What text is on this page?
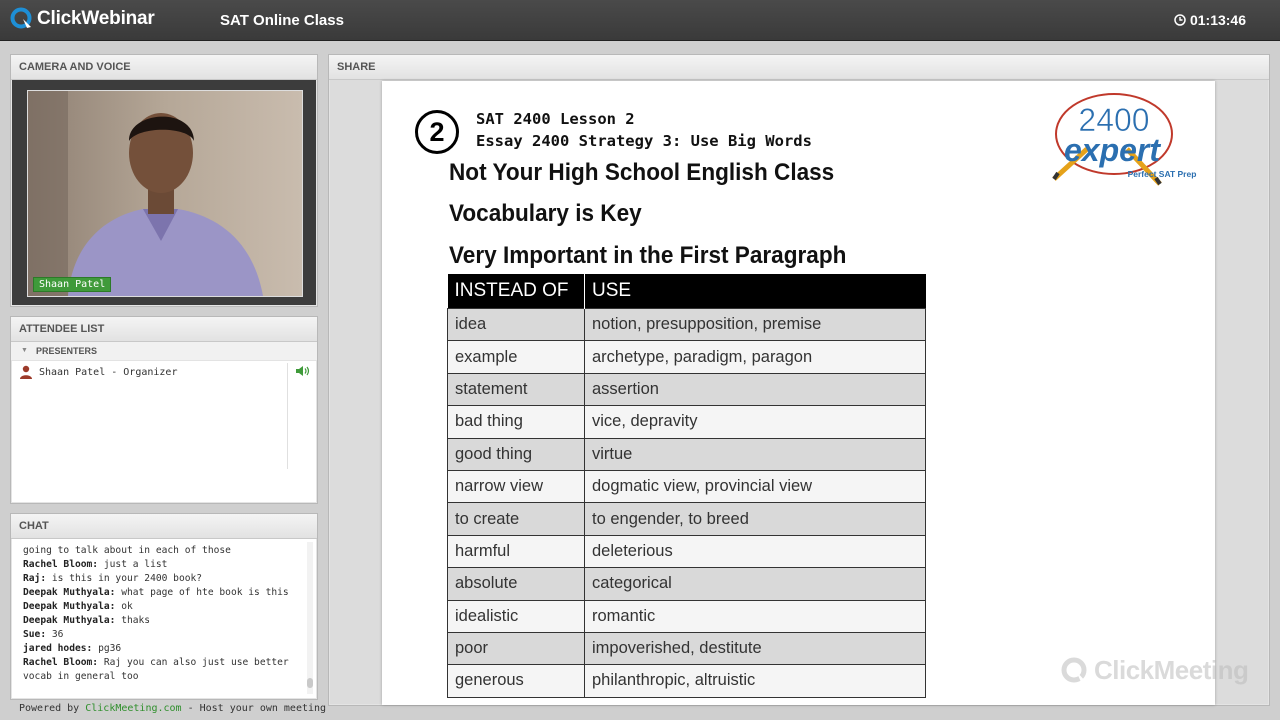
ClickWebinar	SAT Online Class	01:13:46
CAMERA AND VOICE
Shaan Patel
ATTENDEE LIST
▼ PRESENTERS
Shaan Patel - Organizer
CHAT
going to talk about in each of those
Rachel Bloom: just a list
Raj: is this in your 2400 book?
Deepak Muthyala: what page of hte book is this
Deepak Muthyala: ok
Deepak Muthyala: thaks
Sue: 36
jared hodes: pg36
Rachel Bloom: Raj you can also just use better vocab in general too
Powered by ClickMeeting.com - Host your own meeting
SHARE
2	SAT 2400 Lesson 2
Essay 2400 Strategy 3: Use Big Words
Not Your High School English Class
Vocabulary is Key
Very Important in the First Paragraph
2400
expert
Perfect SAT Prep
INSTEAD OF	USE
idea	notion, presupposition, premise
example	archetype, paradigm, paragon
statement	assertion
bad thing	vice, depravity
good thing	virtue
narrow view	dogmatic view, provincial view
to create	to engender, to breed
harmful	deleterious
absolute	categorical
idealistic	romantic
poor	impoverished, destitute
generous	philanthropic, altruistic	ClickMeeting
